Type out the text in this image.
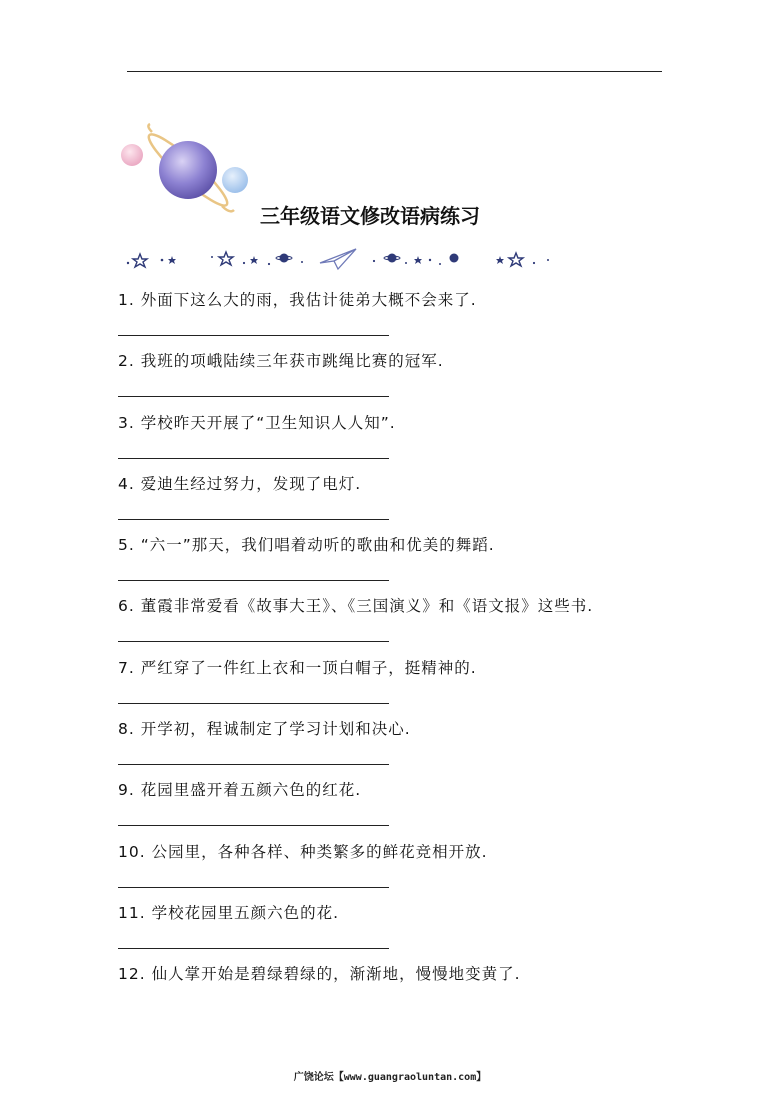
三年级语文修改语病练习
1. 外面下这么大的雨，我估计徒弟大概不会来了.
2. 我班的项峨陆续三年获市跳绳比赛的冠军.
3. 学校昨天开展了“卫生知识人人知”.
4. 爱迪生经过努力，发现了电灯.
5. “六一”那天，我们唱着动听的歌曲和优美的舞蹈.
6. 董霞非常爱看《故事大王》、《三国演义》和《语文报》这些书.
7. 严红穿了一件红上衣和一顶白帽子，挺精神的.
8. 开学初，程诚制定了学习计划和决心.
9. 花园里盛开着五颜六色的红花.
10. 公园里，各种各样、种类繁多的鲜花竞相开放.
11. 学校花园里五颜六色的花.
12. 仙人掌开始是碧绿碧绿的，渐渐地，慢慢地变黄了.
广饶论坛【www.guangraoluntan.com】
